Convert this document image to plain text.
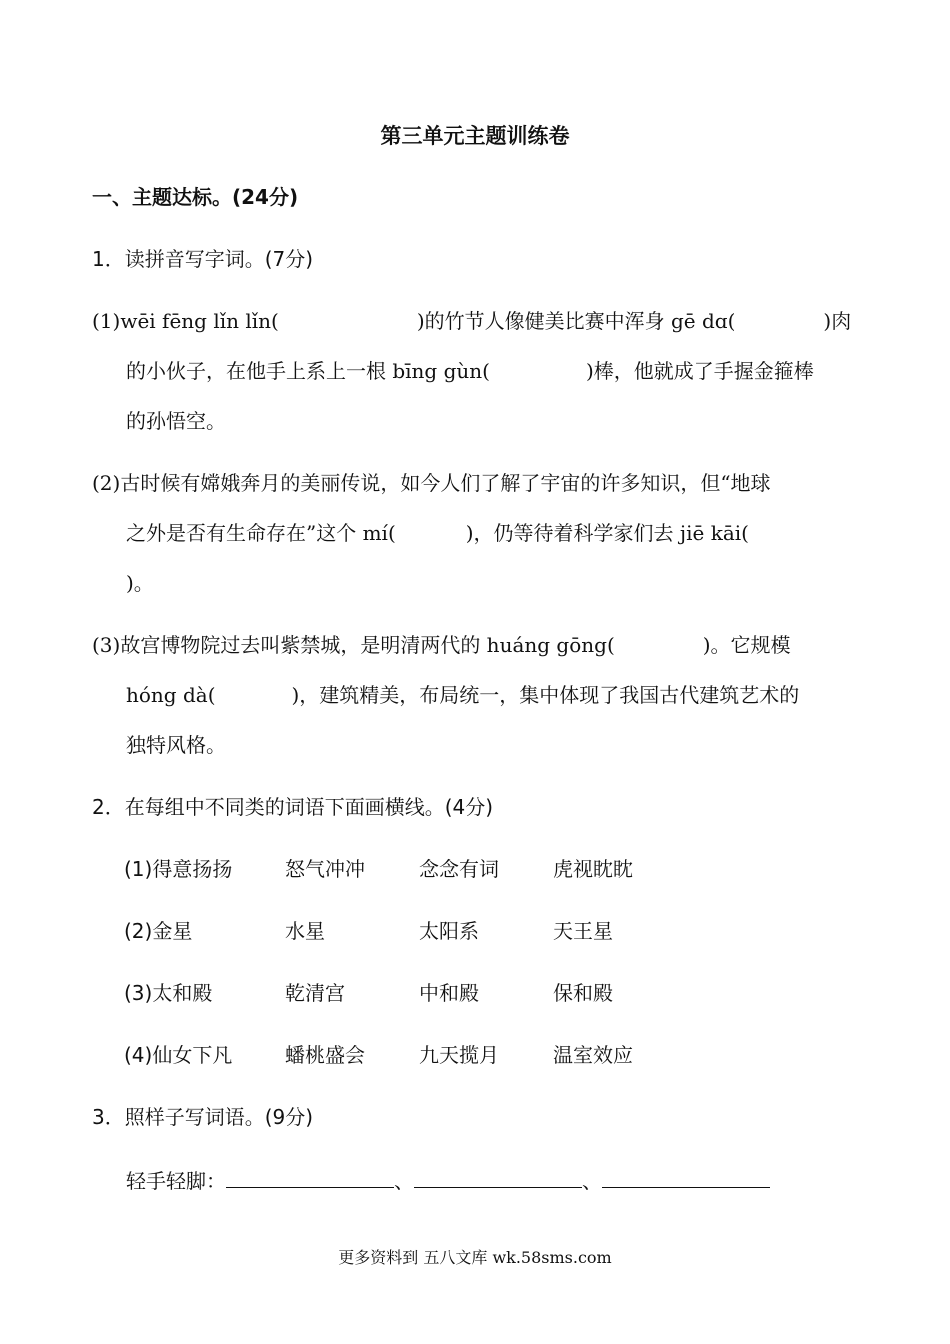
第三单元主题训练卷
一、主题达标。(24分)
1．读拼音写字词。(7分)
(1)wēi fēng lǐn lǐn(	)的竹节人像健美比赛中浑身 gē dɑ(	)肉
的小伙子，在他手上系上一根 bīng gùn(	)棒，他就成了手握金箍棒
的孙悟空。
(2)古时候有嫦娥奔月的美丽传说，如今人们了解了宇宙的许多知识，但“地球
之外是否有生命存在”这个 mí(	)，仍等待着科学家们去 jiē kāi(
)。
(3)故宫博物院过去叫紫禁城，是明清两代的 huáng gōng(	)。它规模
hóng dà(	)，建筑精美，布局统一，集中体现了我国古代建筑艺术的
独特风格。
2．在每组中不同类的词语下面画横线。(4分)
(1)得意扬扬	怒气冲冲	念念有词	虎视眈眈
(2)金星	水星	太阳系	天王星
(3)太和殿	乾清宫	中和殿	保和殿
(4)仙女下凡	蟠桃盛会	九天揽月	温室效应
3．照样子写词语。(9分)
轻手轻脚：	、	、
更多资料到 五八文库 wk.58sms.com
